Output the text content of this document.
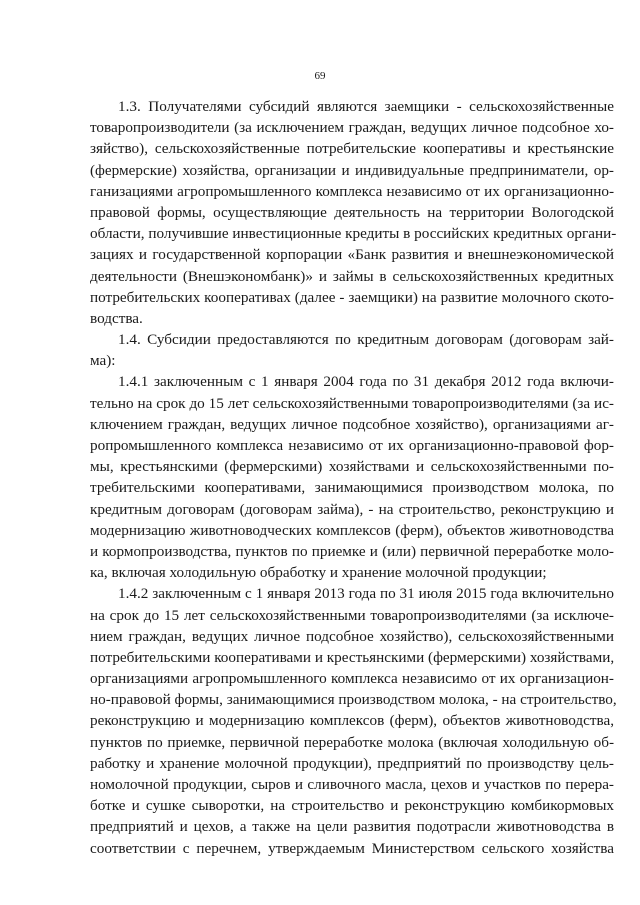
69
1.3. Получателями субсидий являются заемщики - сельскохозяйственные
товаропроизводители (за исключением граждан, ведущих личное подсобное хо-
зяйство), сельскохозяйственные потребительские кооперативы и крестьянские
(фермерские) хозяйства, организации и индивидуальные предприниматели, ор-
ганизациями агропромышленного комплекса независимо от их организационно-
правовой формы, осуществляющие деятельность на территории Вологодской
области, получившие инвестиционные кредиты в российских кредитных органи-
зациях и государственной корпорации «Банк развития и внешнеэкономической
деятельности (Внешэкономбанк)» и займы в сельскохозяйственных кредитных
потребительских кооперативах (далее - заемщики) на развитие молочного ското-
водства.
1.4. Субсидии предоставляются по кредитным договорам (договорам зай-
ма):
1.4.1 заключенным с 1 января 2004 года по 31 декабря 2012 года включи-
тельно на срок до 15 лет сельскохозяйственными товаропроизводителями (за ис-
ключением граждан, ведущих личное подсобное хозяйство), организациями аг-
ропромышленного комплекса независимо от их организационно-правовой фор-
мы, крестьянскими (фермерскими) хозяйствами и сельскохозяйственными по-
требительскими кооперативами, занимающимися производством молока, по
кредитным договорам (договорам займа), - на строительство, реконструкцию и
модернизацию животноводческих комплексов (ферм), объектов животноводства
и кормопроизводства, пунктов по приемке и (или) первичной переработке моло-
ка, включая холодильную обработку и хранение молочной продукции;
1.4.2 заключенным с 1 января 2013 года по 31 июля 2015 года включительно
на срок до 15 лет сельскохозяйственными товаропроизводителями (за исключе-
нием граждан, ведущих личное подсобное хозяйство), сельскохозяйственными
потребительскими кооперативами и крестьянскими (фермерскими) хозяйствами,
организациями агропромышленного комплекса независимо от их организацион-
но-правовой формы, занимающимися производством молока, - на строительство,
реконструкцию и модернизацию комплексов (ферм), объектов животноводства,
пунктов по приемке, первичной переработке молока (включая холодильную об-
работку и хранение молочной продукции), предприятий по производству цель-
номолочной продукции, сыров и сливочного масла, цехов и участков по перера-
ботке и сушке сыворотки, на строительство и реконструкцию комбикормовых
предприятий и цехов, а также на цели развития подотрасли животноводства в
соответствии с перечнем, утверждаемым Министерством сельского хозяйства
